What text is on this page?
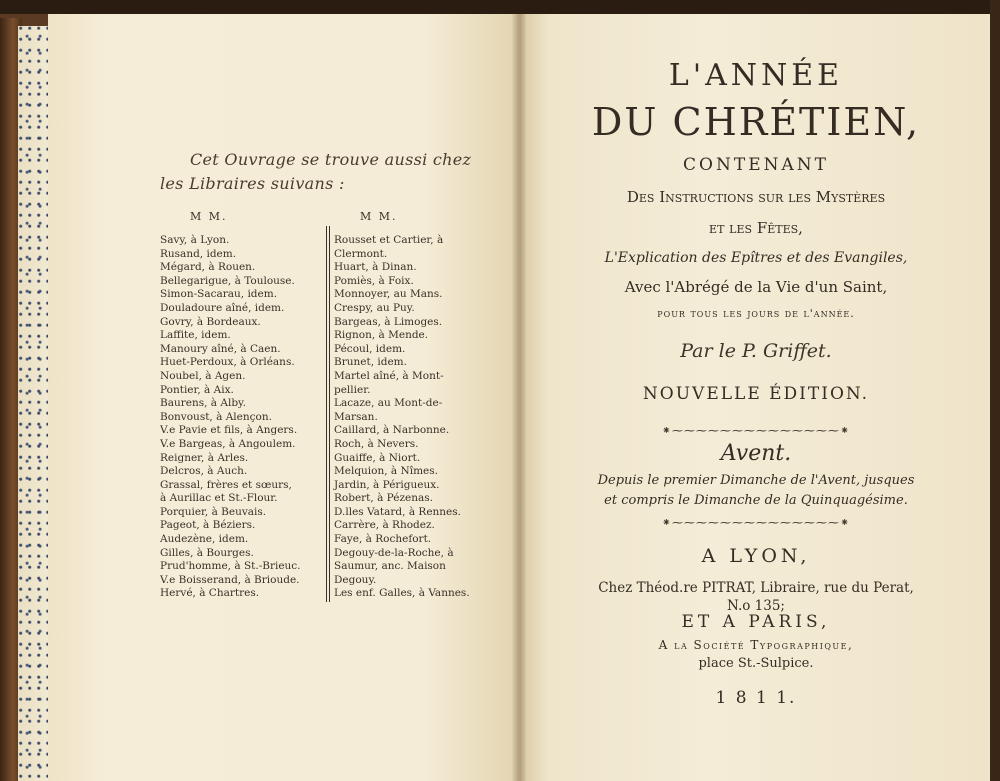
Cet Ouvrage se trouve aussi chez
les Libraires suivans :
M M.	M M.
Savy, à Lyon.
Rusand, idem.
Mégard, à Rouen.
Bellegarigue, à Toulouse.
Simon-Sacarau, idem.
Douladoure aîné, idem.
Govry, à Bordeaux.
Laffite, idem.
Manoury aîné, à Caen.
Huet-Perdoux, à Orléans.
Noubel, à Agen.
Pontier, à Aix.
Baurens, à Alby.
Bonvoust, à Alençon.
V.e Pavie et fils, à Angers.
V.e Bargeas, à Angoulem.
Reigner, à Arles.
Delcros, à Auch.
Grassal, frères et sœurs,
à Aurillac et St.-Flour.
Porquier, à Beuvais.
Pageot, à Béziers.
Audezène, idem.
Gilles, à Bourges.
Prud'homme, à St.-Brieuc.
V.e Boisserand, à Brioude.
Hervé, à Chartres.
Rousset et Cartier, à
Clermont.
Huart, à Dinan.
Pomiès, à Foix.
Monnoyer, au Mans.
Crespy, au Puy.
Bargeas, à Limoges.
Rignon, à Mende.
Pécoul, idem.
Brunet, idem.
Martel aîné, à Mont-
pellier.
Lacaze, au Mont-de-
Marsan.
Caillard, à Narbonne.
Roch, à Nevers.
Guaiffe, à Niort.
Melquion, à Nîmes.
Jardin, à Périgueux.
Robert, à Pézenas.
D.lles Vatard, à Rennes.
Carrère, à Rhodez.
Faye, à Rochefort.
Degouy-de-la-Roche, à
Saumur, anc. Maison
Degouy.
Les enf. Galles, à Vannes.
L'ANNÉE
DU CHRÉTIEN,
CONTENANT
Des Instructions sur les Mystères
et les Fêtes,
L'Explication des Epîtres et des Evangiles,
Avec l'Abrégé de la Vie d'un Saint,
pour tous les jours de l'année.
Par le P. Griffet.
NOUVELLE ÉDITION.
⁕⁓⁓⁓⁓⁓⁓⁓⁓⁓⁓⁓⁓⁓⁓⁕
Avent.
Depuis le premier Dimanche de l'Avent, jusques
et compris le Dimanche de la Quinquagésime.
⁕⁓⁓⁓⁓⁓⁓⁓⁓⁓⁓⁓⁓⁓⁓⁕
A LYON,
Chez Théod.re PITRAT, Libraire, rue du Perat,
N.o 135;
ET A PARIS,
A la Société Typographique,
place St.-Sulpice.
1 8 1 1.
